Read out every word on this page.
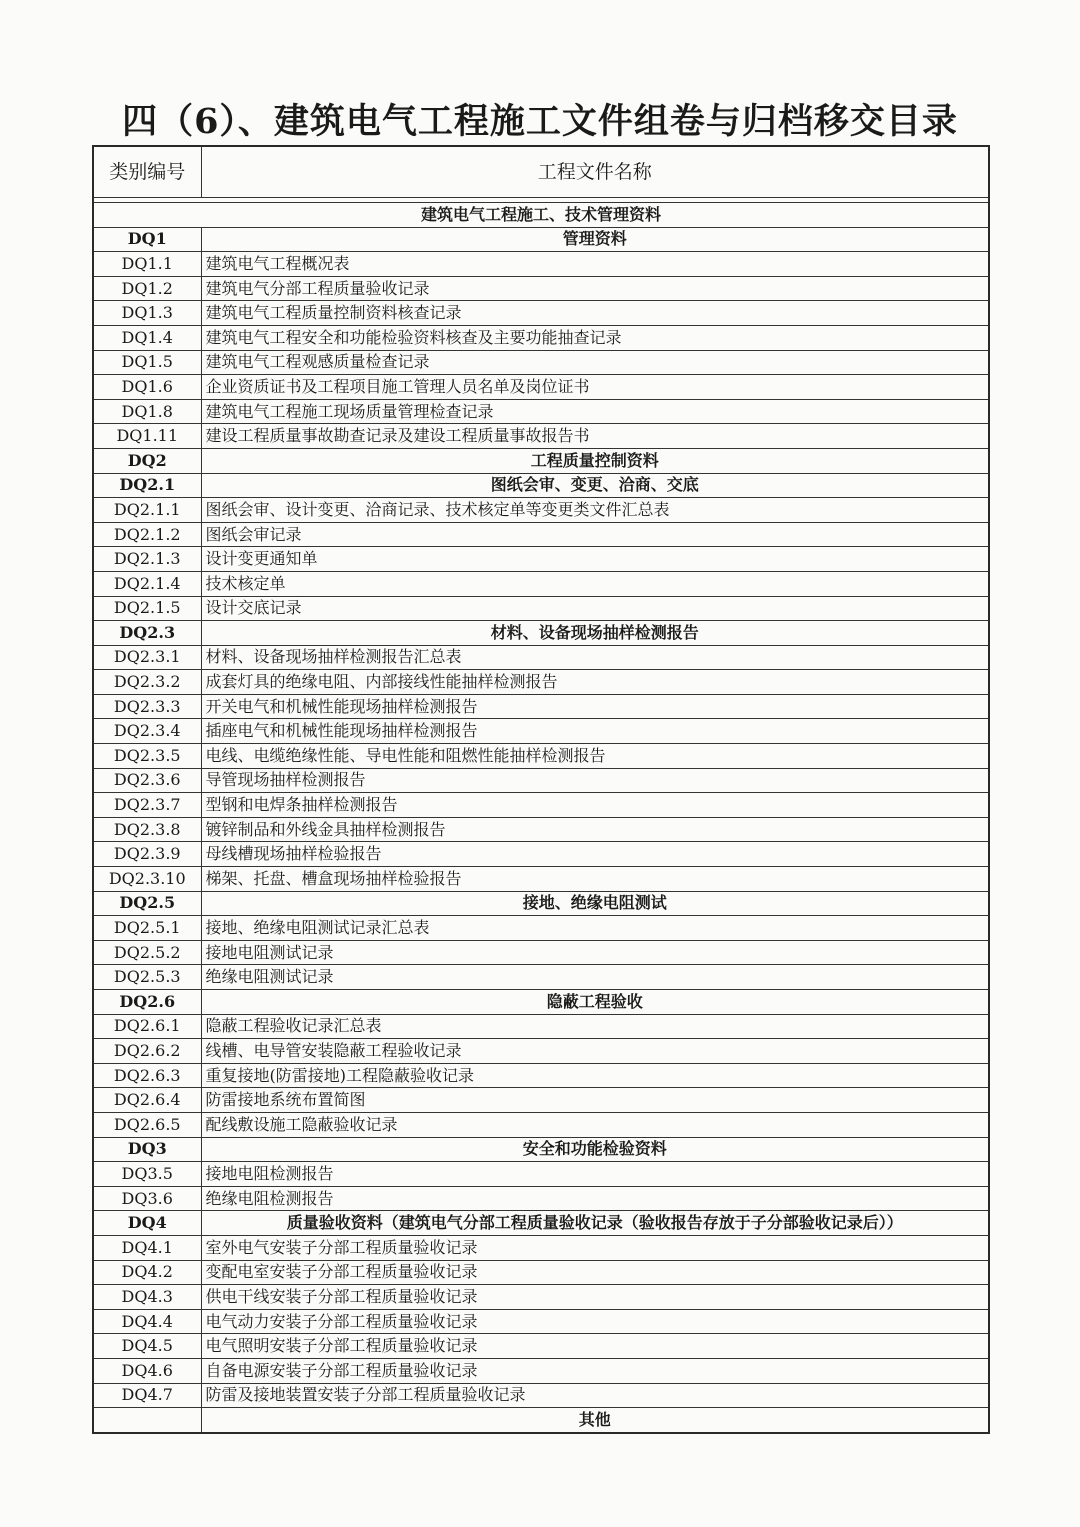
四（6）、建筑电气工程施工文件组卷与归档移交目录
类别编号	工程文件名称

建筑电气工程施工、技术管理资料	
DQ1	管理资料
DQ1.1	建筑电气工程概况表
DQ1.2	建筑电气分部工程质量验收记录
DQ1.3	建筑电气工程质量控制资料核查记录
DQ1.4	建筑电气工程安全和功能检验资料核查及主要功能抽查记录
DQ1.5	建筑电气工程观感质量检查记录
DQ1.6	企业资质证书及工程项目施工管理人员名单及岗位证书
DQ1.8	建筑电气工程施工现场质量管理检查记录
DQ1.11	建设工程质量事故勘查记录及建设工程质量事故报告书
DQ2	工程质量控制资料
DQ2.1	图纸会审、变更、洽商、交底
DQ2.1.1	图纸会审、设计变更、洽商记录、技术核定单等变更类文件汇总表
DQ2.1.2	图纸会审记录
DQ2.1.3	设计变更通知单
DQ2.1.4	技术核定单
DQ2.1.5	设计交底记录
DQ2.3	材料、设备现场抽样检测报告
DQ2.3.1	材料、设备现场抽样检测报告汇总表
DQ2.3.2	成套灯具的绝缘电阻、内部接线性能抽样检测报告
DQ2.3.3	开关电气和机械性能现场抽样检测报告
DQ2.3.4	插座电气和机械性能现场抽样检测报告
DQ2.3.5	电线、电缆绝缘性能、导电性能和阻燃性能抽样检测报告
DQ2.3.6	导管现场抽样检测报告
DQ2.3.7	型钢和电焊条抽样检测报告
DQ2.3.8	镀锌制品和外线金具抽样检测报告
DQ2.3.9	母线槽现场抽样检验报告
DQ2.3.10	梯架、托盘、槽盒现场抽样检验报告
DQ2.5	接地、绝缘电阻测试
DQ2.5.1	接地、绝缘电阻测试记录汇总表
DQ2.5.2	接地电阻测试记录
DQ2.5.3	绝缘电阻测试记录
DQ2.6	隐蔽工程验收
DQ2.6.1	隐蔽工程验收记录汇总表
DQ2.6.2	线槽、电导管安装隐蔽工程验收记录
DQ2.6.3	重复接地(防雷接地)工程隐蔽验收记录
DQ2.6.4	防雷接地系统布置简图
DQ2.6.5	配线敷设施工隐蔽验收记录
DQ3	安全和功能检验资料
DQ3.5	接地电阻检测报告
DQ3.6	绝缘电阻检测报告
DQ4	质量验收资料（建筑电气分部工程质量验收记录（验收报告存放于子分部验收记录后））
DQ4.1	室外电气安装子分部工程质量验收记录
DQ4.2	变配电室安装子分部工程质量验收记录
DQ4.3	供电干线安装子分部工程质量验收记录
DQ4.4	电气动力安装子分部工程质量验收记录
DQ4.5	电气照明安装子分部工程质量验收记录
DQ4.6	自备电源安装子分部工程质量验收记录
DQ4.7	防雷及接地装置安装子分部工程质量验收记录
	其他
